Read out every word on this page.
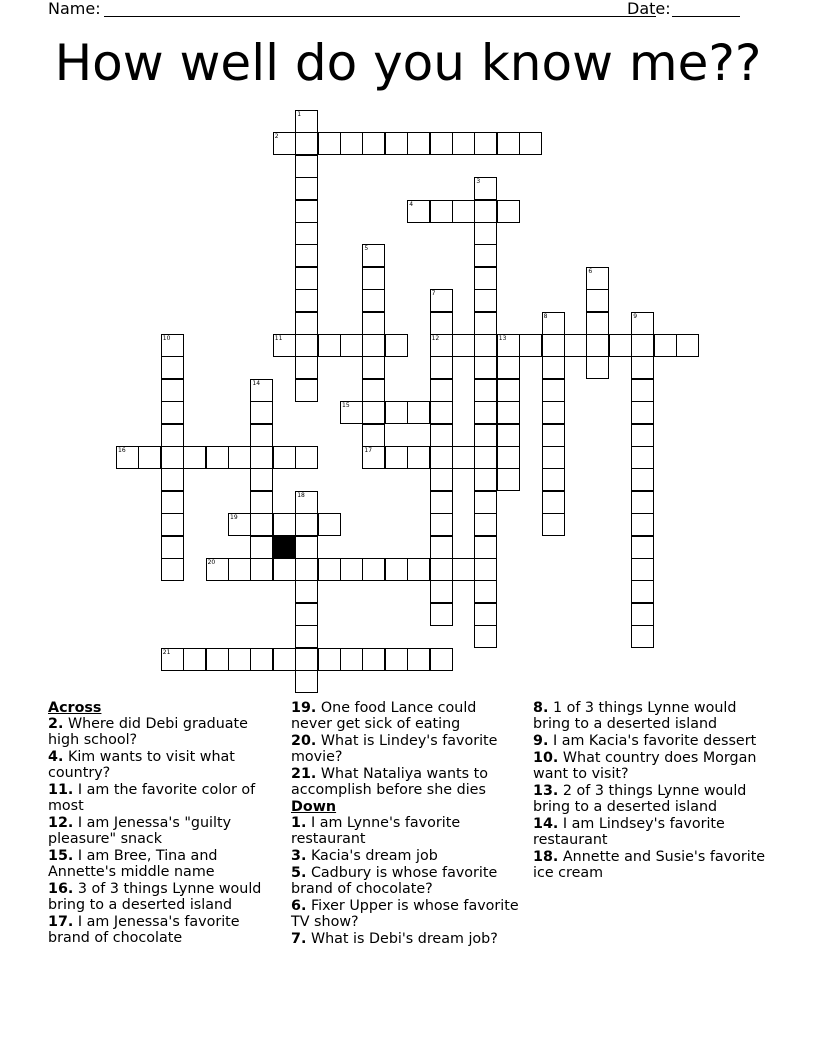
Name:	Date:
How well do you know me??
2
4
11	12	13
15
16	17
19
20
21
1
3
5
6
7
8	9
10
14
18
Across
2. Where did Debi graduate high school?
4. Kim wants to visit what country?
11. I am the favorite color of most
12. I am Jenessa's "guilty pleasure" snack
15. I am Bree, Tina and Annette's middle name
16. 3 of 3 things Lynne would bring to a deserted island
17. I am Jenessa's favorite brand of chocolate
19. One food Lance could never get sick of eating
20. What is Lindey's favorite movie?
21. What Nataliya wants to accomplish before she dies
Down
1. I am Lynne's favorite restaurant
3. Kacia's dream job
5. Cadbury is whose favorite brand of chocolate?
6. Fixer Upper is whose favorite TV show?
7. What is Debi's dream job?
8. 1 of 3 things Lynne would bring to a deserted island
9. I am Kacia's favorite dessert
10. What country does Morgan want to visit?
13. 2 of 3 things Lynne would bring to a deserted island
14. I am Lindsey's favorite restaurant
18. Annette and Susie's favorite ice cream
